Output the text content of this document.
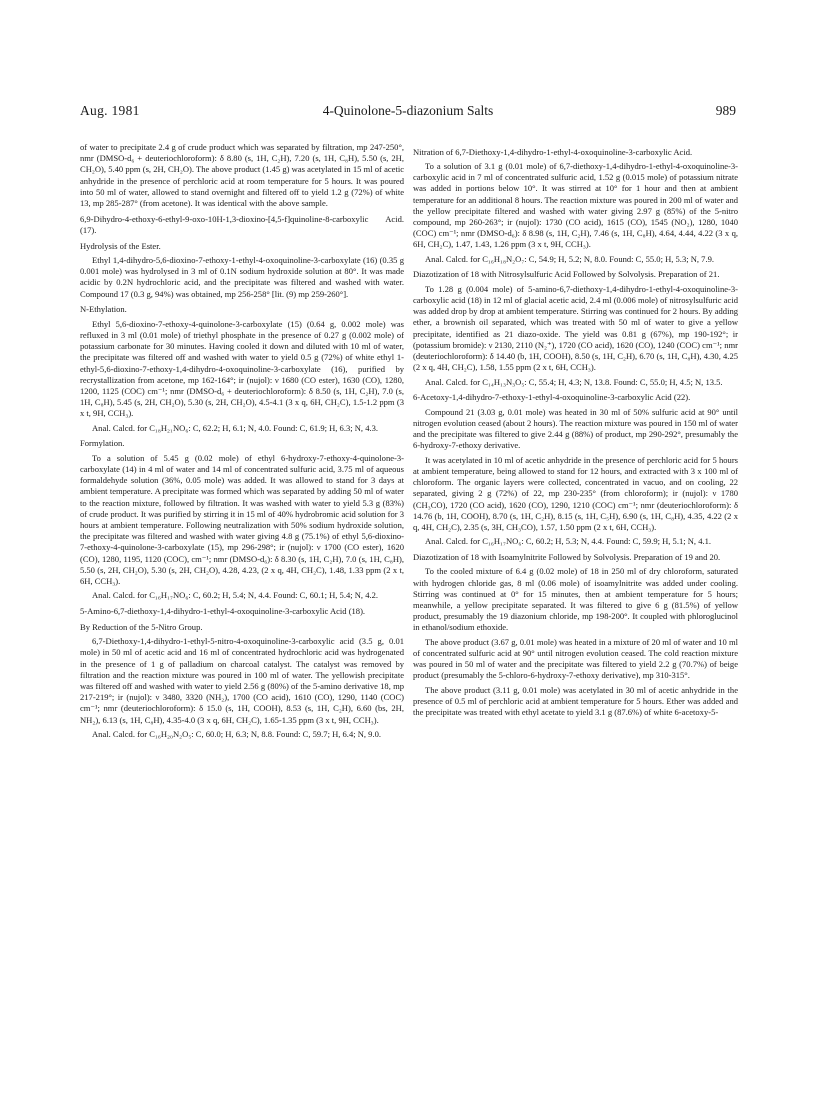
Aug. 1981	4-Quinolone-5-diazonium Salts	989

of water to precipitate 2.4 g of crude product which was separated by filtration, mp 247-250°, nmr (DMSO-d₆ + deuteriochloroform): δ 8.80 (s, 1H, C₂H), 7.20 (s, 1H, C₈H), 5.50 (s, 2H, CH₂O), 5.40 ppm (s, 2H, CH₂O). The above product (1.45 g) was acetylated in 15 ml of acetic anhydride in the presence of perchloric acid at room temperature for 5 hours. It was poured into 50 ml of water, allowed to stand overnight and filtered off to yield 1.2 g (72%) of white 13, mp 285-287° (from acetone). It was identical with the above sample.

6,9-Dihydro-4-ethoxy-6-ethyl-9-oxo-10H-1,3-dioxino-[4,5-f]quinoline-8-carboxylic Acid. (17).

Hydrolysis of the Ester.

Ethyl 1,4-dihydro-5,6-dioxino-7-ethoxy-1-ethyl-4-oxoquinoline-3-carboxylate (16) (0.35 g 0.001 mole) was hydrolysed in 3 ml of 0.1N sodium hydroxide solution at 80°. It was made acidic by 0.2N hydrochloric acid, and the precipitate was filtered and washed with water. Compound 17 (0.3 g, 94%) was obtained, mp 256-258° [lit. (9) mp 259-260°].

N-Ethylation.

Ethyl 5,6-dioxino-7-ethoxy-4-quinolone-3-carboxylate (15) (0.64 g, 0.002 mole) was refluxed in 3 ml (0.01 mole) of triethyl phosphate in the presence of 0.27 g (0.002 mole) of potassium carbonate for 30 minutes. Having cooled it down and diluted with 10 ml of water, the precipitate was filtered off and washed with water to yield 0.5 g (72%) of white ethyl 1-ethyl-5,6-dioxino-7-ethoxy-1,4-dihydro-4-oxoquinoline-3-carboxylate (16), purified by recrystallization from acetone, mp 162-164°; ir (nujol): ν 1680 (CO ester), 1630 (CO), 1280, 1200, 1125 (COC) cm⁻¹; nmr (DMSO-d₆ + deuteriochloroform): δ 8.50 (s, 1H, C₂H), 7.0 (s, 1H, C₈H), 5.45 (s, 2H, CH₂O), 5.30 (s, 2H, CH₂O), 4.5-4.1 (3 x q, 6H, CH₂C), 1.5-1.2 ppm (3 x t, 9H, CCH₃).

Anal. Calcd. for C₁₈H₂₁NO₆: C, 62.2; H, 6.1; N, 4.0. Found: C, 61.9; H, 6.3; N, 4.3.

Formylation.

To a solution of 5.45 g (0.02 mole) of ethyl 6-hydroxy-7-ethoxy-4-quinolone-3-carboxylate (14) in 4 ml of water and 14 ml of concentrated sulfuric acid, 3.75 ml of aqueous formaldehyde solution (36%, 0.05 mole) was added. It was allowed to stand for 3 days at ambient temperature. A precipitate was formed which was separated by adding 50 ml of water to the reaction mixture, followed by filtration. It was washed with water to yield 5.3 g (83%) of crude product. It was purified by stirring it in 15 ml of 40% hydrobromic acid solution for 3 hours at ambient temperature. Following neutralization with 50% sodium hydroxide solution, the precipitate was filtered and washed with water giving 4.8 g (75.1%) of ethyl 5,6-dioxino-7-ethoxy-4-quinolone-3-carboxylate (15), mp 296-298°; ir (nujol): ν 1700 (CO ester), 1620 (CO), 1280, 1195, 1120 (COC), cm⁻¹; nmr (DMSO-d₆): δ 8.30 (s, 1H, C₂H), 7.0 (s, 1H, C₈H), 5.50 (s, 2H, CH₂O), 5.30 (s, 2H, CH₂O), 4.28, 4.23, (2 x q, 4H, CH₂C), 1.48, 1.33 ppm (2 x t, 6H, CCH₃).

Anal. Calcd. for C₁₆H₁₇NO₆: C, 60.2; H, 5.4; N, 4.4. Found: C, 60.1; H, 5.4; N, 4.2.

5-Amino-6,7-diethoxy-1,4-dihydro-1-ethyl-4-oxoquinoline-3-carboxylic Acid (18).

By Reduction of the 5-Nitro Group.

6,7-Diethoxy-1,4-dihydro-1-ethyl-5-nitro-4-oxoquinoline-3-carboxylic acid (3.5 g, 0.01 mole) in 50 ml of acetic acid and 16 ml of concentrated hydrochloric acid was hydrogenated in the presence of 1 g of palladium on charcoal catalyst. The catalyst was removed by filtration and the reaction mixture was poured in 100 ml of water. The yellowish precipitate was filtered off and washed with water to yield 2.56 g (80%) of the 5-amino derivative 18, mp 217-219°; ir (nujol): ν 3480, 3320 (NH₂), 1700 (CO acid), 1610 (CO), 1290, 1140 (COC) cm⁻¹; nmr (deuteriochloroform): δ 15.0 (s, 1H, COOH), 8.53 (s, 1H, C₂H), 6.60 (bs, 2H, NH₂), 6.13 (s, 1H, C₈H), 4.35-4.0 (3 x q, 6H, CH₂C), 1.65-1.35 ppm (3 x t, 9H, CCH₃).

Anal. Calcd. for C₁₆H₂₀N₂O₅: C, 60.0; H, 6.3; N, 8.8. Found: C, 59.7; H, 6.4; N, 9.0.

Nitration of 6,7-Diethoxy-1,4-dihydro-1-ethyl-4-oxoquinoline-3-carboxylic Acid.

To a solution of 3.1 g (0.01 mole) of 6,7-diethoxy-1,4-dihydro-1-ethyl-4-oxoquinoline-3-carboxylic acid in 7 ml of concentrated sulfuric acid, 1.52 g (0.015 mole) of potassium nitrate was added in portions below 10°. It was stirred at 10° for 1 hour and then at ambient temperature for an additional 8 hours. The reaction mixture was poured in 200 ml of water and the yellow precipitate filtered and washed with water giving 2.97 g (85%) of the 5-nitro compound, mp 260-263°; ir (nujol): 1730 (CO acid), 1615 (CO), 1545 (NO₂), 1280, 1040 (COC) cm⁻¹; nmr (DMSO-d₆): δ 8.98 (s, 1H, C₂H), 7.46 (s, 1H, C₈H), 4.64, 4.44, 4.22 (3 x q, 6H, CH₂C), 1.47, 1.43, 1.26 ppm (3 x t, 9H, CCH₃).

Anal. Calcd. for C₁₆H₁₈N₂O₇: C, 54.9; H, 5.2; N, 8.0. Found: C, 55.0; H, 5.3; N, 7.9.

Diazotization of 18 with Nitrosylsulfuric Acid Followed by Solvolysis. Preparation of 21.

To 1.28 g (0.004 mole) of 5-amino-6,7-diethoxy-1,4-dihydro-1-ethyl-4-oxoquinoline-3-carboxylic acid (18) in 12 ml of glacial acetic acid, 2.4 ml (0.006 mole) of nitrosylsulfuric acid was added drop by drop at ambient temperature. Stirring was continued for 2 hours. By adding ether, a brownish oil separated, which was treated with 50 ml of water to give a yellow precipitate, identified as 21 diazo-oxide. The yield was 0.81 g (67%), mp 190-192°; ir (potassium bromide): ν 2130, 2110 (N₂⁺), 1720 (CO acid), 1620 (CO), 1240 (COC) cm⁻¹; nmr (deuteriochloroform): δ 14.40 (b, 1H, COOH), 8.50 (s, 1H, C₂H), 6.70 (s, 1H, C₈H), 4.30, 4.25 (2 x q, 4H, CH₂C), 1.58, 1.55 ppm (2 x t, 6H, CCH₃).

Anal. Calcd. for C₁₄H₁₃N₃O₅: C, 55.4; H, 4.3; N, 13.8. Found: C, 55.0; H, 4.5; N, 13.5.

6-Acetoxy-1,4-dihydro-7-ethoxy-1-ethyl-4-oxoquinoline-3-carboxylic Acid (22).

Compound 21 (3.03 g, 0.01 mole) was heated in 30 ml of 50% sulfuric acid at 90° until nitrogen evolution ceased (about 2 hours). The reaction mixture was poured in 150 ml of water and the precipitate was filtered to give 2.44 g (88%) of product, mp 290-292°, presumably the 6-hydroxy-7-ethoxy derivative.

It was acetylated in 10 ml of acetic anhydride in the presence of perchloric acid for 5 hours at ambient temperature, being allowed to stand for 12 hours, and extracted with 3 x 100 ml of chloroform. The organic layers were collected, concentrated in vacuo, and on cooling, 22 separated, giving 2 g (72%) of 22, mp 230-235° (from chloroform); ir (nujol): ν 1780 (CH₃CO), 1720 (CO acid), 1620 (CO), 1290, 1210 (COC) cm⁻¹; nmr (deuteriochloroform): δ 14.76 (b, 1H, COOH), 8.70 (s, 1H, C₂H), 8.15 (s, 1H, C₅H), 6.90 (s, 1H, C₈H), 4.35, 4.22 (2 x q, 4H, CH₂C), 2.35 (s, 3H, CH₃CO), 1.57, 1.50 ppm (2 x t, 6H, CCH₃).

Anal. Calcd. for C₁₆H₁₇NO₆: C, 60.2; H, 5.3; N, 4.4. Found: C, 59.9; H, 5.1; N, 4.1.

Diazotization of 18 with Isoamylnitrite Followed by Solvolysis. Preparation of 19 and 20.

To the cooled mixture of 6.4 g (0.02 mole) of 18 in 250 ml of dry chloroform, saturated with hydrogen chloride gas, 8 ml (0.06 mole) of isoamylnitrite was added under cooling. Stirring was continued at 0° for 15 minutes, then at ambient temperature for 5 hours; meanwhile, a yellow precipitate separated. It was filtered to give 6 g (81.5%) of yellow product, presumably the 19 diazonium chloride, mp 198-200°. It coupled with phloroglucinol in ethanol/sodium ethoxide.

The above product (3.67 g, 0.01 mole) was heated in a mixture of 20 ml of water and 10 ml of concentrated sulfuric acid at 90° until nitrogen evolution ceased. The cold reaction mixture was poured in 50 ml of water and the precipitate was filtered to yield 2.2 g (70.7%) of beige product (presumably the 5-chloro-6-hydroxy-7-ethoxy derivative), mp 310-315°.

The above product (3.11 g, 0.01 mole) was acetylated in 30 ml of acetic anhydride in the presence of 0.5 ml of perchloric acid at ambient temperature for 5 hours. Ether was added and the precipitate was treated with ethyl acetate to yield 3.1 g (87.6%) of white 6-acetoxy-5-
